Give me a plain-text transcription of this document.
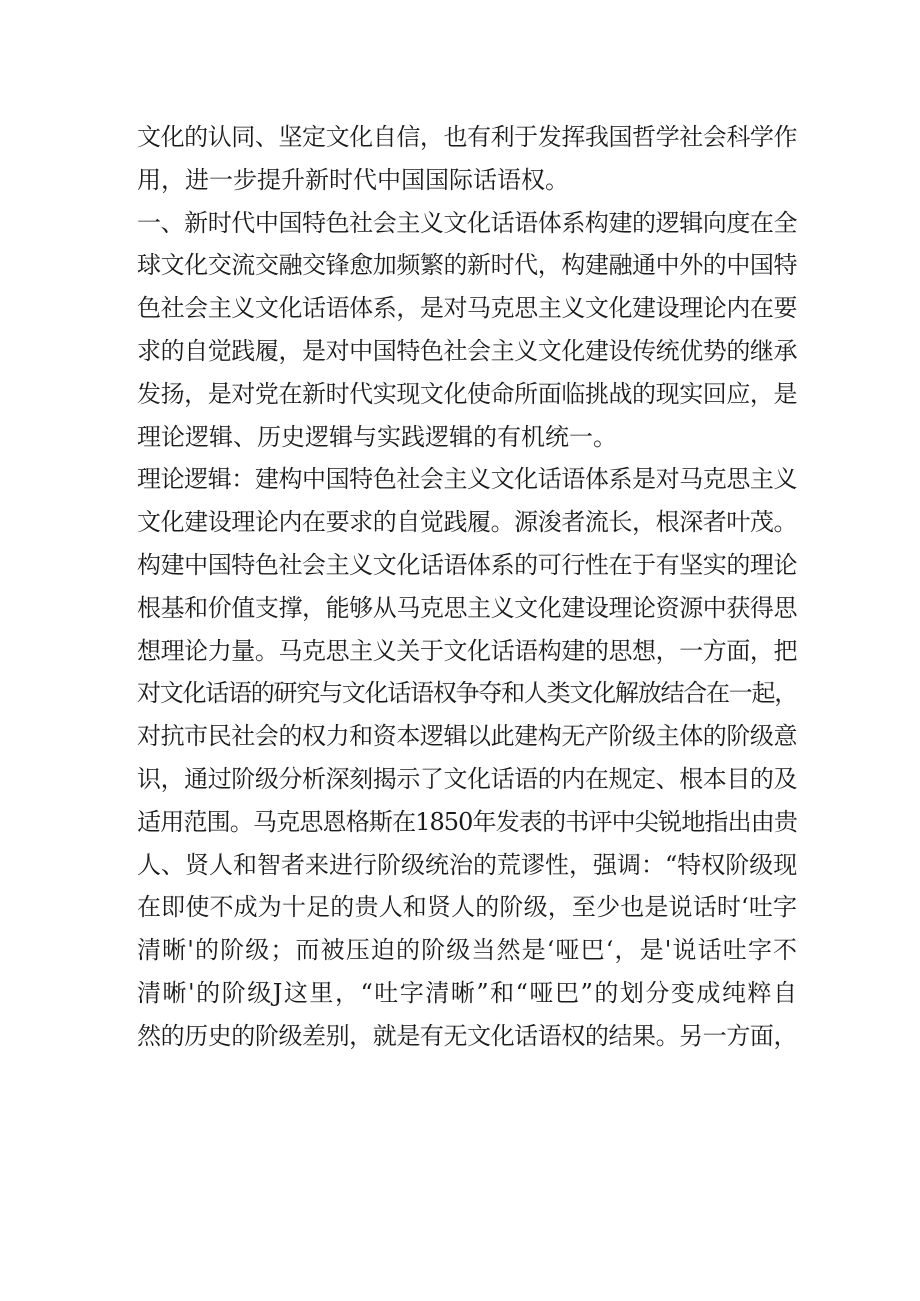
文化的认同、坚定文化自信，也有利于发挥我国哲学社会科学作
用，进一步提升新时代中国国际话语权。
一、新时代中国特色社会主义文化话语体系构建的逻辑向度在全
球文化交流交融交锋愈加频繁的新时代，构建融通中外的中国特
色社会主义文化话语体系，是对马克思主义文化建设理论内在要
求的自觉践履，是对中国特色社会主义文化建设传统优势的继承
发扬，是对党在新时代实现文化使命所面临挑战的现实回应，是
理论逻辑、历史逻辑与实践逻辑的有机统一。
理论逻辑：建构中国特色社会主义文化话语体系是对马克思主义
文化建设理论内在要求的自觉践履。源浚者流长，根深者叶茂。
构建中国特色社会主义文化话语体系的可行性在于有坚实的理论
根基和价值支撑，能够从马克思主义文化建设理论资源中获得思
想理论力量。马克思主义关于文化话语构建的思想，一方面，把
对文化话语的研究与文化话语权争夺和人类文化解放结合在一起，
对抗市民社会的权力和资本逻辑以此建构无产阶级主体的阶级意
识，通过阶级分析深刻揭示了文化话语的内在规定、根本目的及
适用范围。马克思恩格斯在1850年发表的书评中尖锐地指出由贵
人、贤人和智者来进行阶级统治的荒谬性，强调：“特权阶级现
在即使不成为十足的贵人和贤人的阶级，至少也是说话时‘吐字
清晰'的阶级；而被压迫的阶级当然是‘哑巴‘，是'说话吐字不
清晰'的阶级J这里，“吐字清晰”和“哑巴”的划分变成纯粹自
然的历史的阶级差别，就是有无文化话语权的结果。另一方面，
